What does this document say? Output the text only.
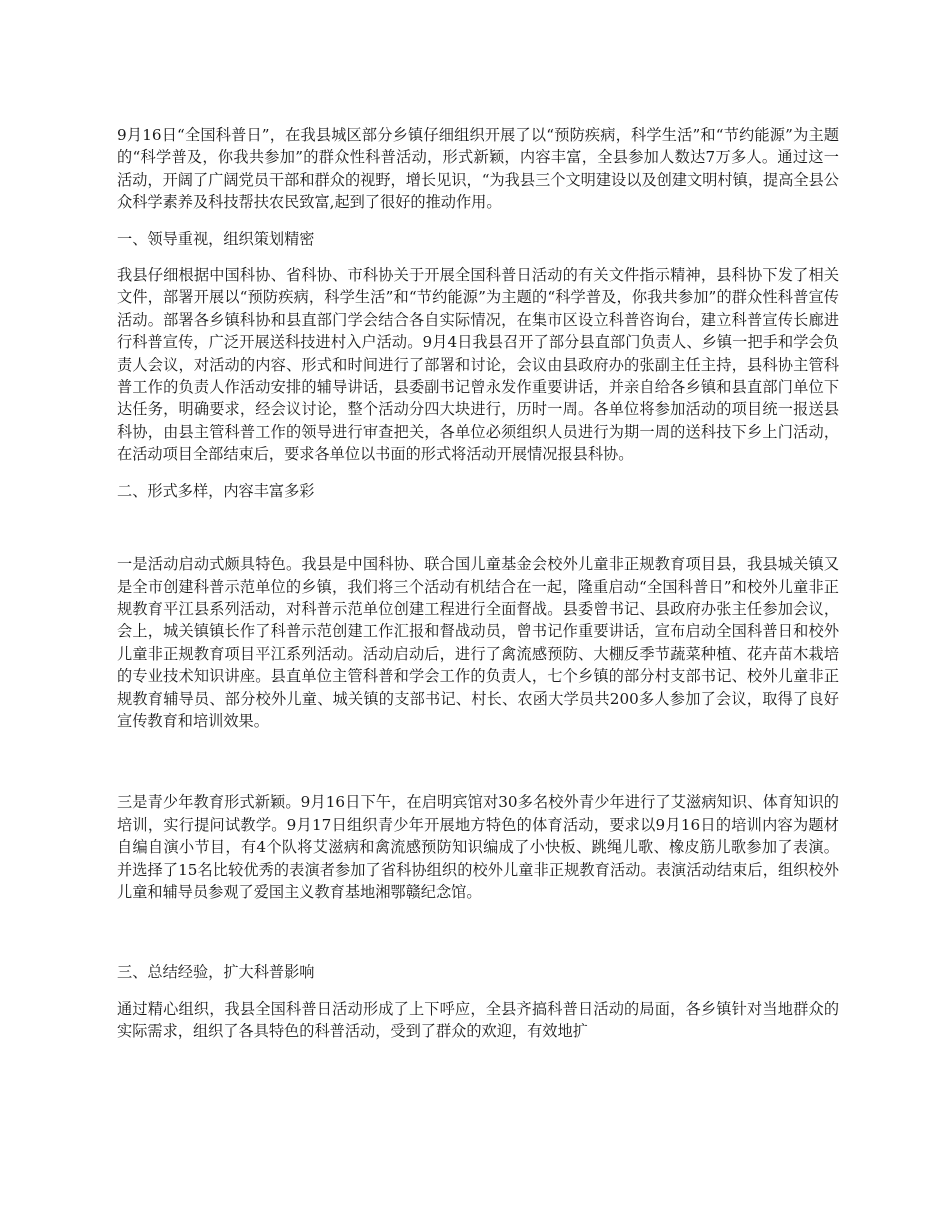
9月16日“全国科普日”，在我县城区部分乡镇仔细组织开展了以“预防疾病，科学生活”和“节约能源”为主题的“科学普及，你我共参加”的群众性科普活动，形式新颖，内容丰富，全县参加人数达7万多人。通过这一活动，开阔了广阔党员干部和群众的视野，增长见识，“为我县三个文明建设以及创建文明村镇，提高全县公众科学素养及科技帮扶农民致富,起到了很好的推动作用。

一、领导重视，组织策划精密

我县仔细根据中国科协、省科协、市科协关于开展全国科普日活动的有关文件指示精神，县科协下发了相关文件，部署开展以“预防疾病，科学生活”和“节约能源”为主题的“科学普及，你我共参加”的群众性科普宣传活动。部署各乡镇科协和县直部门学会结合各自实际情况，在集市区设立科普咨询台，建立科普宣传长廊进行科普宣传，广泛开展送科技进村入户活动。9月4日我县召开了部分县直部门负责人、乡镇一把手和学会负责人会议，对活动的内容、形式和时间进行了部署和讨论，会议由县政府办的张副主任主持，县科协主管科普工作的负责人作活动安排的辅导讲话，县委副书记曾永发作重要讲话，并亲自给各乡镇和县直部门单位下达任务，明确要求，经会议讨论，整个活动分四大块进行，历时一周。各单位将参加活动的项目统一报送县科协，由县主管科普工作的领导进行审查把关，各单位必须组织人员进行为期一周的送科技下乡上门活动，在活动项目全部结束后，要求各单位以书面的形式将活动开展情况报县科协。

二、形式多样，内容丰富多彩

一是活动启动式颇具特色。我县是中国科协、联合国儿童基金会校外儿童非正规教育项目县，我县城关镇又是全市创建科普示范单位的乡镇，我们将三个活动有机结合在一起，隆重启动“全国科普日”和校外儿童非正规教育平江县系列活动，对科普示范单位创建工程进行全面督战。县委曾书记、县政府办张主任参加会议，会上，城关镇镇长作了科普示范创建工作汇报和督战动员，曾书记作重要讲话，宣布启动全国科普日和校外儿童非正规教育项目平江系列活动。活动启动后，进行了禽流感预防、大棚反季节蔬菜种植、花卉苗木栽培的专业技术知识讲座。县直单位主管科普和学会工作的负责人，七个乡镇的部分村支部书记、校外儿童非正规教育辅导员、部分校外儿童、城关镇的支部书记、村长、农函大学员共200多人参加了会议，取得了良好宣传教育和培训效果。

三是青少年教育形式新颖。9月16日下午，在启明宾馆对30多名校外青少年进行了艾滋病知识、体育知识的培训，实行提问试教学。9月17日组织青少年开展地方特色的体育活动，要求以9月16日的培训内容为题材自编自演小节目，有4个队将艾滋病和禽流感预防知识编成了小快板、跳绳儿歌、橡皮筋儿歌参加了表演。并选择了15名比较优秀的表演者参加了省科协组织的校外儿童非正规教育活动。表演活动结束后，组织校外儿童和辅导员参观了爱国主义教育基地湘鄂赣纪念馆。

三、总结经验，扩大科普影响

通过精心组织，我县全国科普日活动形成了上下呼应，全县齐搞科普日活动的局面，各乡镇针对当地群众的实际需求，组织了各具特色的科普活动，受到了群众的欢迎，有效地扩
